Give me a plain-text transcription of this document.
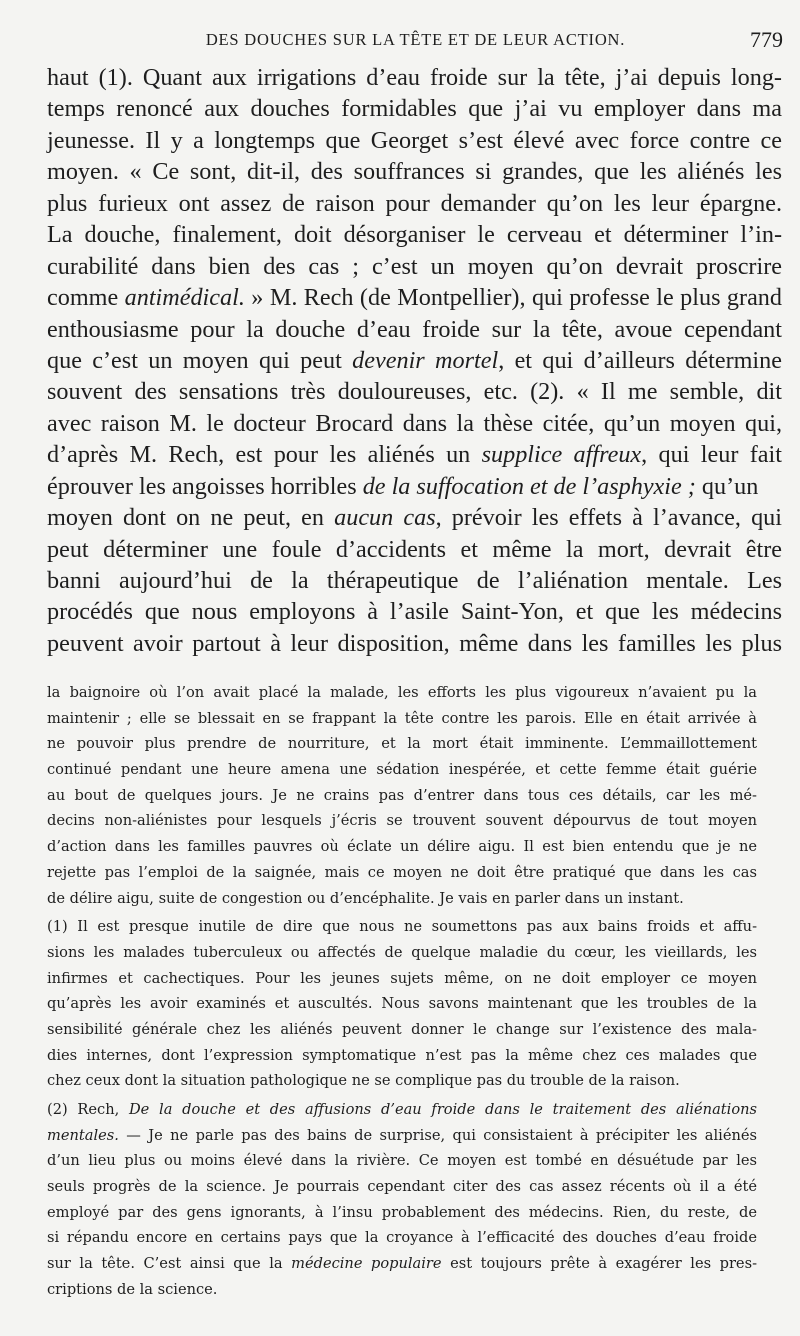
DES DOUCHES SUR LA TÊTE ET DE LEUR ACTION.	779
haut (1). Quant aux irrigations d’eau froide sur la tête, j’ai depuis long-
temps renoncé aux douches formidables que j’ai vu employer dans ma
jeunesse. Il y a longtemps que Georget s’est élevé avec force contre ce
moyen. « Ce sont, dit-il, des souffrances si grandes, que les aliénés les
plus furieux ont assez de raison pour demander qu’on les leur épargne.
La douche, finalement, doit désorganiser le cerveau et déterminer l’in-
curabilité dans bien des cas ; c’est un moyen qu’on devrait proscrire
comme antimédical. » M. Rech (de Montpellier), qui professe le plus grand
enthousiasme pour la douche d’eau froide sur la tête, avoue cependant
que c’est un moyen qui peut devenir mortel, et qui d’ailleurs détermine
souvent des sensations très douloureuses, etc. (2). « Il me semble, dit
avec raison M. le docteur Brocard dans la thèse citée, qu’un moyen qui,
d’après M. Rech, est pour les aliénés un supplice affreux, qui leur fait
éprouver les angoisses horribles de la suffocation et de l’asphyxie ; qu’un
moyen dont on ne peut, en aucun cas, prévoir les effets à l’avance, qui
peut déterminer une foule d’accidents et même la mort, devrait être
banni aujourd’hui de la thérapeutique de l’aliénation mentale. Les
procédés que nous employons à l’asile Saint-Yon, et que les médecins
peuvent avoir partout à leur disposition, même dans les familles les plus
la baignoire où l’on avait placé la malade, les efforts les plus vigoureux n’avaient pu la
maintenir ; elle se blessait en se frappant la tête contre les parois. Elle en était arrivée à
ne pouvoir plus prendre de nourriture, et la mort était imminente. L’emmaillottement
continué pendant une heure amena une sédation inespérée, et cette femme était guérie
au bout de quelques jours. Je ne crains pas d’entrer dans tous ces détails, car les mé-
decins non-aliénistes pour lesquels j’écris se trouvent souvent dépourvus de tout moyen
d’action dans les familles pauvres où éclate un délire aigu. Il est bien entendu que je ne
rejette pas l’emploi de la saignée, mais ce moyen ne doit être pratiqué que dans les cas
de délire aigu, suite de congestion ou d’encéphalite. Je vais en parler dans un instant.
(1) Il est presque inutile de dire que nous ne soumettons pas aux bains froids et affu-
sions les malades tuberculeux ou affectés de quelque maladie du cœur, les vieillards, les
infirmes et cachectiques. Pour les jeunes sujets même, on ne doit employer ce moyen
qu’après les avoir examinés et auscultés. Nous savons maintenant que les troubles de la
sensibilité générale chez les aliénés peuvent donner le change sur l’existence des mala-
dies internes, dont l’expression symptomatique n’est pas la même chez ces malades que
chez ceux dont la situation pathologique ne se complique pas du trouble de la raison.
(2) Rech, De la douche et des affusions d’eau froide dans le traitement des aliénations
mentales. — Je ne parle pas des bains de surprise, qui consistaient à précipiter les aliénés
d’un lieu plus ou moins élevé dans la rivière. Ce moyen est tombé en désuétude par les
seuls progrès de la science. Je pourrais cependant citer des cas assez récents où il a été
employé par des gens ignorants, à l’insu probablement des médecins. Rien, du reste, de
si répandu encore en certains pays que la croyance à l’efficacité des douches d’eau froide
sur la tête. C’est ainsi que la médecine populaire est toujours prête à exagérer les pres-
criptions de la science.
